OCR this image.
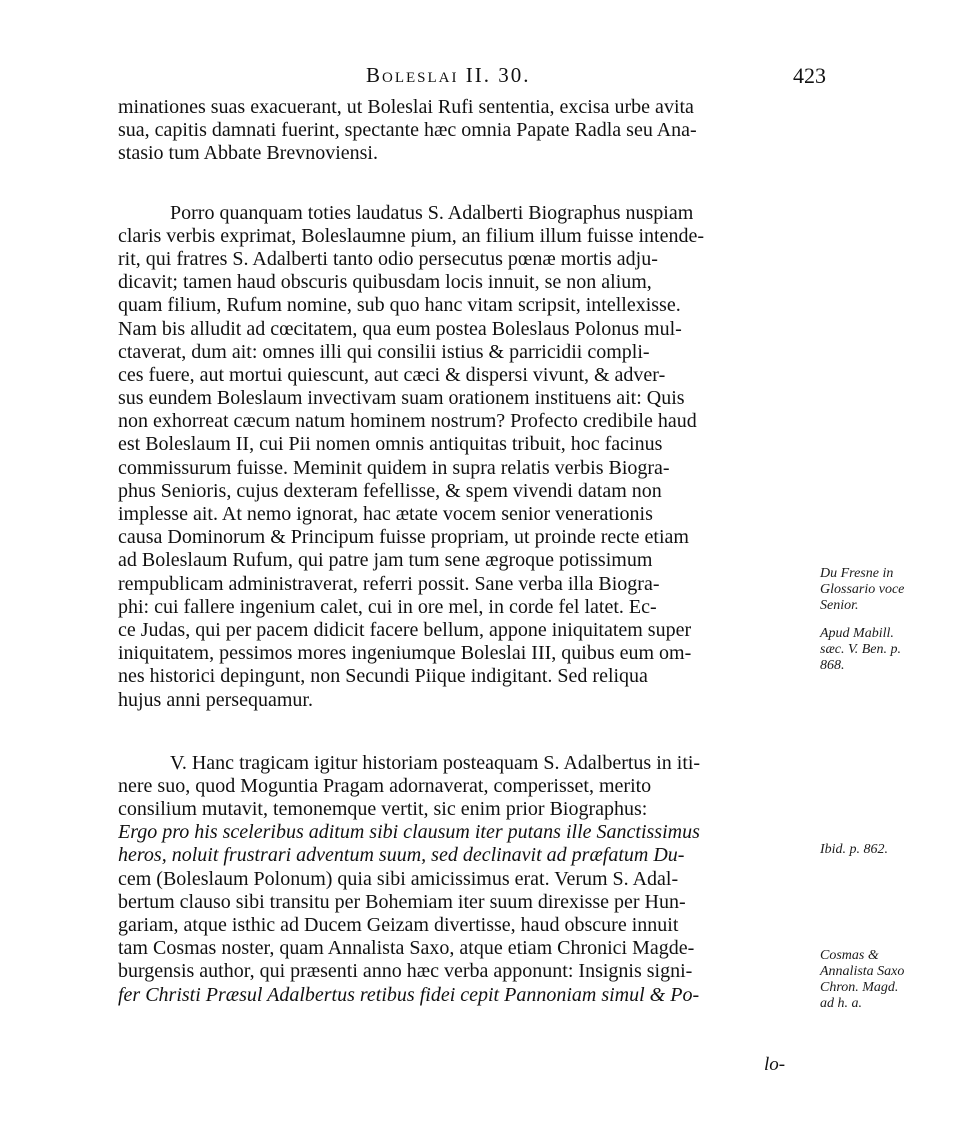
Boleslai II. 30.	423
minationes suas exacuerant, ut Boleslai Rufi sententia, excisa urbe avita
sua, capitis damnati fuerint, spectante hæc omnia Papate Radla seu Ana-
stasio tum Abbate Brevnoviensi.
Porro quanquam toties laudatus S. Adalberti Biographus nuspiam
claris verbis exprimat, Boleslaumne pium, an filium illum fuisse intende-
rit, qui fratres S. Adalberti tanto odio persecutus pœnæ mortis adju-
dicavit; tamen haud obscuris quibusdam locis innuit, se non alium,
quam filium, Rufum nomine, sub quo hanc vitam scripsit, intellexisse.
Nam bis alludit ad cœcitatem, qua eum postea Boleslaus Polonus mul-
ctaverat, dum ait: omnes illi qui consilii istius & parricidii compli-
ces fuere, aut mortui quiescunt, aut cæci & dispersi vivunt, & adver-
sus eundem Boleslaum invectivam suam orationem instituens ait: Quis
non exhorreat cæcum natum hominem nostrum? Profecto credibile haud
est Boleslaum II, cui Pii nomen omnis antiquitas tribuit, hoc facinus
commissurum fuisse. Meminit quidem in supra relatis verbis Biogra-
phus Senioris, cujus dexteram fefellisse, & spem vivendi datam non
implesse ait. At nemo ignorat, hac ætate vocem senior venerationis
causa Dominorum & Principum fuisse propriam, ut proinde recte etiam
ad Boleslaum Rufum, qui patre jam tum sene ægroque potissimum
rempublicam administraverat, referri possit. Sane verba illa Biogra-
phi: cui fallere ingenium calet, cui in ore mel, in corde fel latet. Ec-
ce Judas, qui per pacem didicit facere bellum, appone iniquitatem super
iniquitatem, pessimos mores ingeniumque Boleslai III, quibus eum om-
nes historici depingunt, non Secundi Piique indigitant. Sed reliqua
hujus anni persequamur.
V. Hanc tragicam igitur historiam posteaquam S. Adalbertus in iti-
nere suo, quod Moguntia Pragam adornaverat, comperisset, merito
consilium mutavit, temonemque vertit, sic enim prior Biographus:
Ergo pro his sceleribus aditum sibi clausum iter putans ille Sanctissimus
heros, noluit frustrari adventum suum, sed declinavit ad præfatum Du-
cem (Boleslaum Polonum) quia sibi amicissimus erat. Verum S. Adal-
bertum clauso sibi transitu per Bohemiam iter suum direxisse per Hun-
gariam, atque isthic ad Ducem Geizam divertisse, haud obscure innuit
tam Cosmas noster, quam Annalista Saxo, atque etiam Chronici Magde-
burgensis author, qui præsenti anno hæc verba apponunt: Insignis signi-
fer Christi Præsul Adalbertus retibus fidei cepit Pannoniam simul & Po-
Du Fresne in
Glossario voce
Senior.
Apud Mabill.
sæc. V. Ben. p.
868.
Ibid. p. 862.
Cosmas &
Annalista Saxo
Chron. Magd.
ad h. a.
lo-
